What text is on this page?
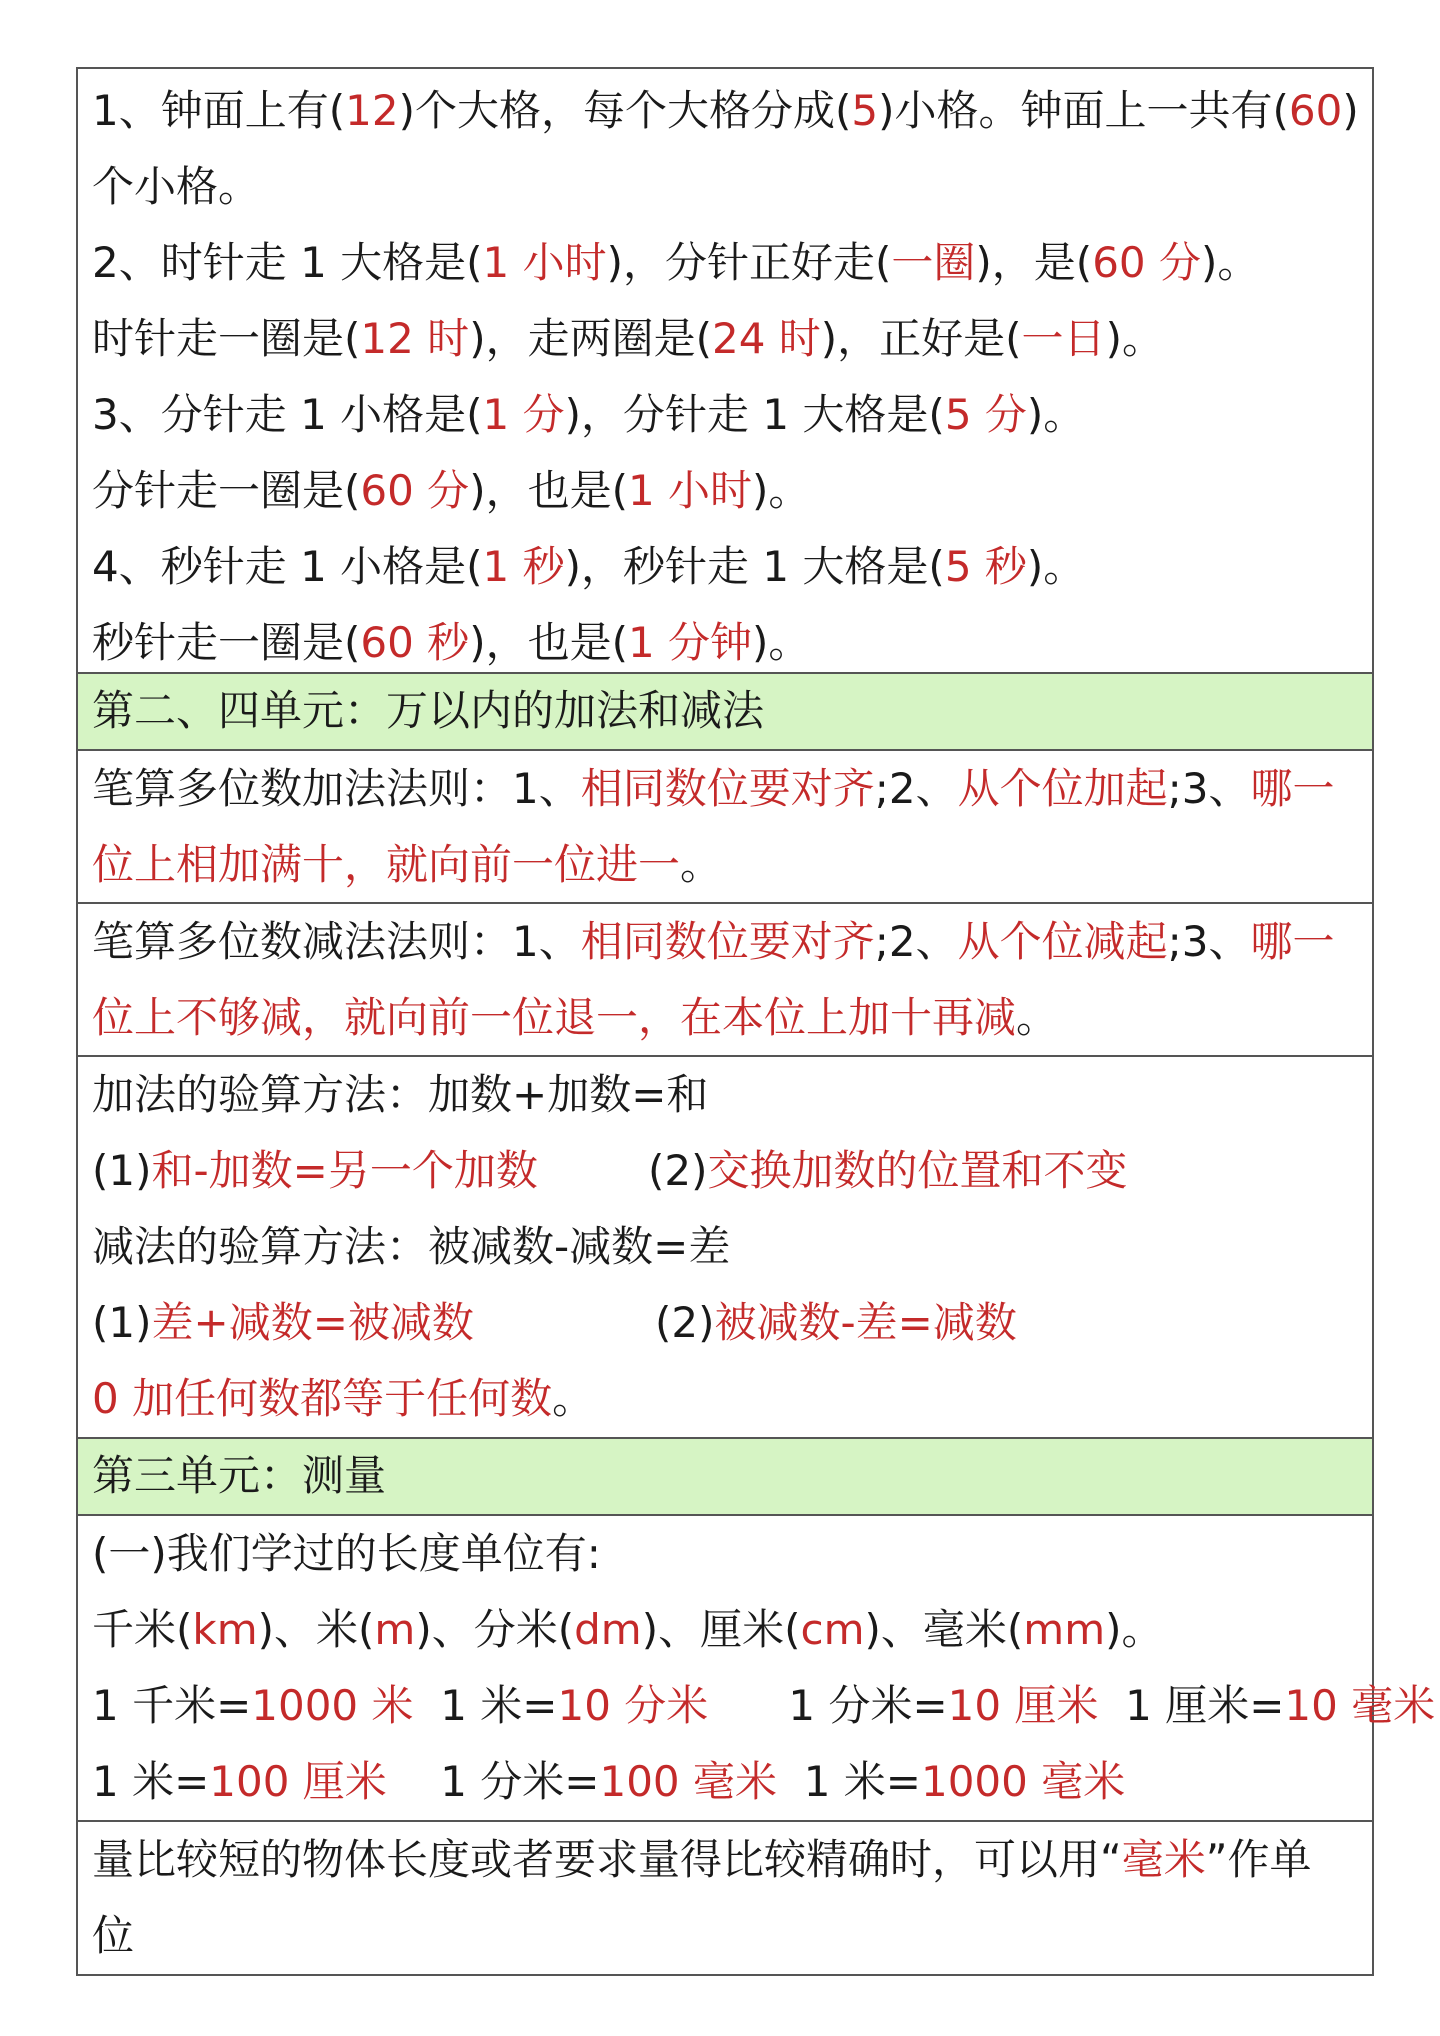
1、钟面上有(12)个大格，每个大格分成(5)小格。钟面上一共有(60)
个小格。
2、时针走 1 大格是(1 小时)，分针正好走(一圈)，是(60 分)。
时针走一圈是(12 时)，走两圈是(24 时)，正好是(一日)。
3、分针走 1 小格是(1 分)，分针走 1 大格是(5 分)。
分针走一圈是(60 分)，也是(1 小时)。
4、秒针走 1 小格是(1 秒)，秒针走 1 大格是(5 秒)。
秒针走一圈是(60 秒)，也是(1 分钟)。
第二、四单元：万以内的加法和减法
笔算多位数加法法则：1、相同数位要对齐;2、从个位加起;3、哪一
位上相加满十，就向前一位进一。
笔算多位数减法法则：1、相同数位要对齐;2、从个位减起;3、哪一
位上不够减，就向前一位退一，在本位上加十再减。
加法的验算方法：加数+加数=和
(1)和-加数=另一个加数	(2)交换加数的位置和不变
减法的验算方法：被减数-减数=差
(1)差+减数=被减数	(2)被减数-差=减数
0 加任何数都等于任何数。
第三单元：测量
(一)我们学过的长度单位有:
千米(km)、米(m)、分米(dm)、厘米(cm)、毫米(mm)。
1 千米=1000 米  1 米=10 分米      1 分米=10 厘米  1 厘米=10 毫米
1 米=100 厘米    1 分米=100 毫米  1 米=1000 毫米
量比较短的物体长度或者要求量得比较精确时，可以用“毫米”作单
位
